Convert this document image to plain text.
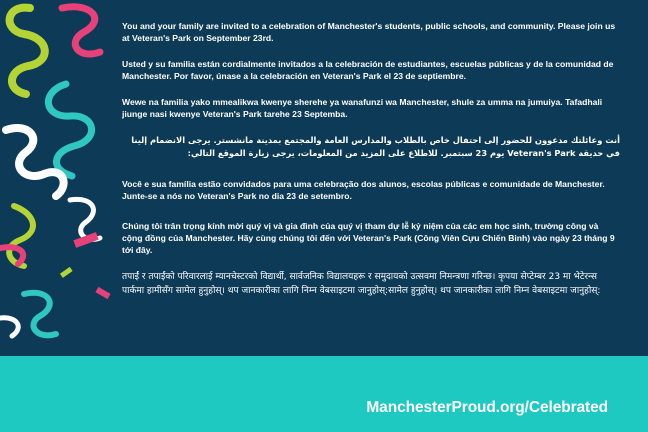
You and your family are invited to a celebration of Manchester's students, public schools, and community. Please join us at Veteran's Park on September 23rd.

Usted y su familia están cordialmente invitados a la celebración de estudiantes, escuelas públicas y de la comunidad de Manchester. Por favor, únase a la celebración en Veteran's Park el 23 de septiembre.

Wewe na familia yako mmealikwa kwenye sherehe ya wanafunzi wa Manchester, shule za umma na jumuiya. Tafadhali jiunge nasi kwenye Veteran's Park tarehe 23 Septemba.

أنت وعائلتك مدعوون للحضور إلى احتفال خاص بالطلاب والمدارس العامة والمجتمع بمدينة مانشستر. يرجى الانضمام إلينا في حديقة Veteran's Park يوم 23 سبتمبر. للاطلاع على المزيد من المعلومات، يرجى زيارة الموقع التالي:

Você e sua família estão convidados para uma celebração dos alunos, escolas públicas e comunidade de Manchester. Junte-se a nós no Veteran's Park no dia 23 de setembro.

Chúng tôi trân trọng kính mời quý vị và gia đình của quý vị tham dự lễ kỷ niệm của các em học sinh, trường công và cộng đồng của Manchester. Hãy cùng chúng tôi đến với Veteran's Park (Công Viên Cựu Chiến Binh) vào ngày 23 tháng 9 tới đây.

तपाईं र तपाईंको परिवारलाई म्यानचेस्टरको विद्यार्थी, सार्वजनिक विद्यालयहरू र समुदायको उत्सवमा निमन्त्रणा गरिन्छ। कृपया सेप्टेम्बर 23 मा भेटेरन्स पार्कमा हामीसँग सामेल हुनुहोस्। थप जानकारीका लागि निम्न वेबसाइटमा जानुहोस्:सामेल हुनुहोस्। थप जानकारीका लागि निम्न वेबसाइटमा जानुहोस्:

ManchesterProud.org/Celebrated
